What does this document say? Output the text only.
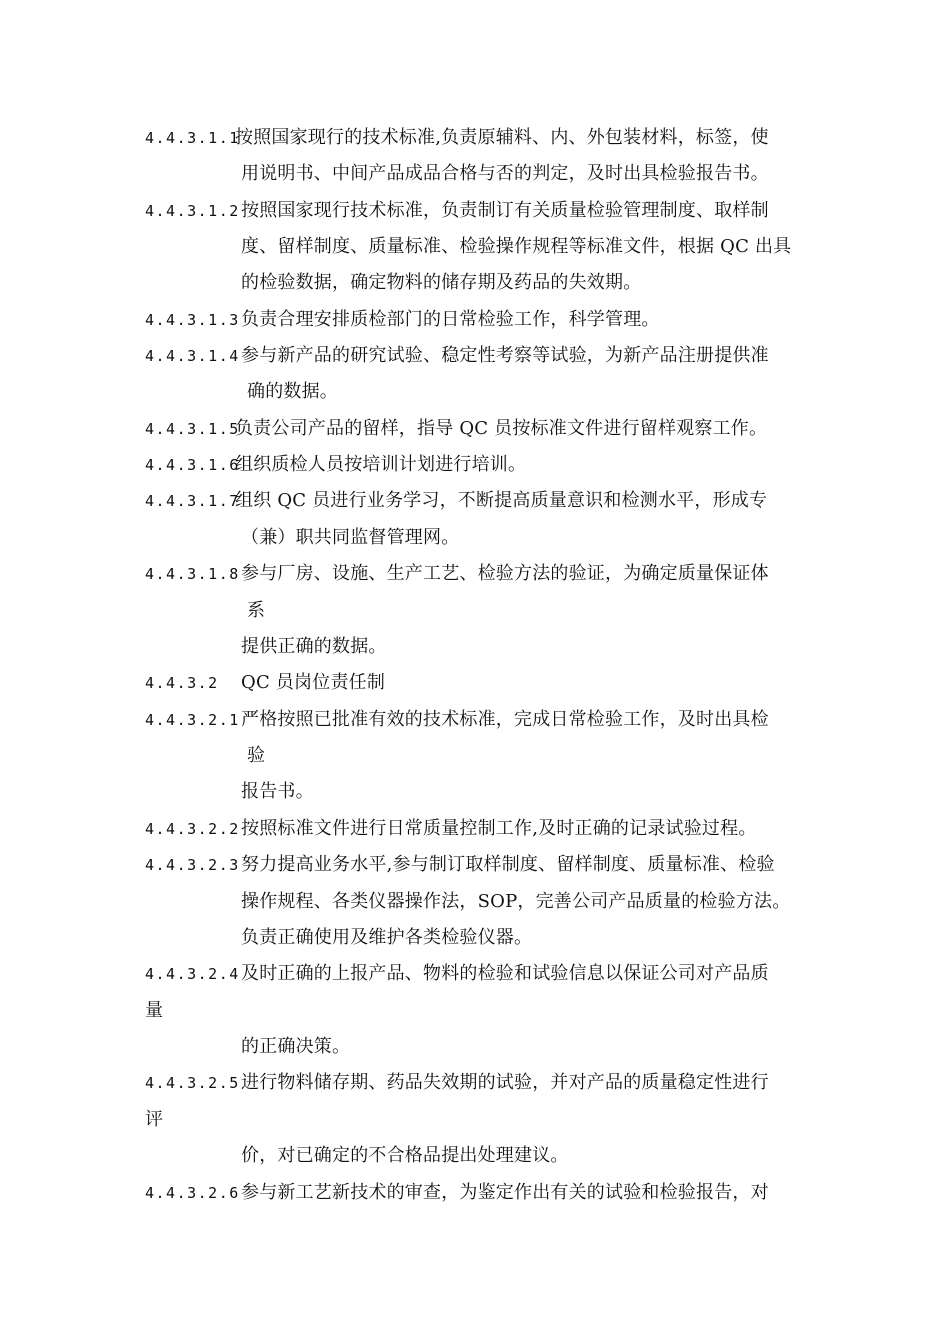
4.4.3.1.1
按照国家现行的技术标准,负责原辅料、内、外包装材料，标签，使
用说明书、中间产品成品合格与否的判定，及时出具检验报告书。
4.4.3.1.2 按照国家现行技术标准，负责制订有关质量检验管理制度、取样制
度、留样制度、质量标准、检验操作规程等标准文件，根据 QC 出具
的检验数据，确定物料的储存期及药品的失效期。
4.4.3.1.3 负责合理安排质检部门的日常检验工作，科学管理。
4.4.3.1.4 参与新产品的研究试验、稳定性考察等试验，为新产品注册提供准
确的数据。
4.4.3.1.5
负责公司产品的留样，指导 QC 员按标准文件进行留样观察工作。
4.4.3.1.6
组织质检人员按培训计划进行培训。
4.4.3.1.7
组织 QC 员进行业务学习，不断提高质量意识和检测水平，形成专
（兼）职共同监督管理网。
4.4.3.1.8 参与厂房、设施、生产工艺、检验方法的验证，为确定质量保证体
系
提供正确的数据。
4.4.3.2 QC 员岗位责任制
4.4.3.2.1 严格按照已批准有效的技术标准，完成日常检验工作，及时出具检
验
报告书。
4.4.3.2.2 按照标准文件进行日常质量控制工作,及时正确的记录试验过程。
4.4.3.2.3 努力提高业务水平,参与制订取样制度、留样制度、质量标准、检验
操作规程、各类仪器操作法，SOP，完善公司产品质量的检验方法。
负责正确使用及维护各类检验仪器。
4.4.3.2.4 及时正确的上报产品、物料的检验和试验信息以保证公司对产品质
量
的正确决策。
4.4.3.2.5 进行物料储存期、药品失效期的试验，并对产品的质量稳定性进行
评
价，对已确定的不合格品提出处理建议。
4.4.3.2.6 参与新工艺新技术的审查，为鉴定作出有关的试验和检验报告，对
